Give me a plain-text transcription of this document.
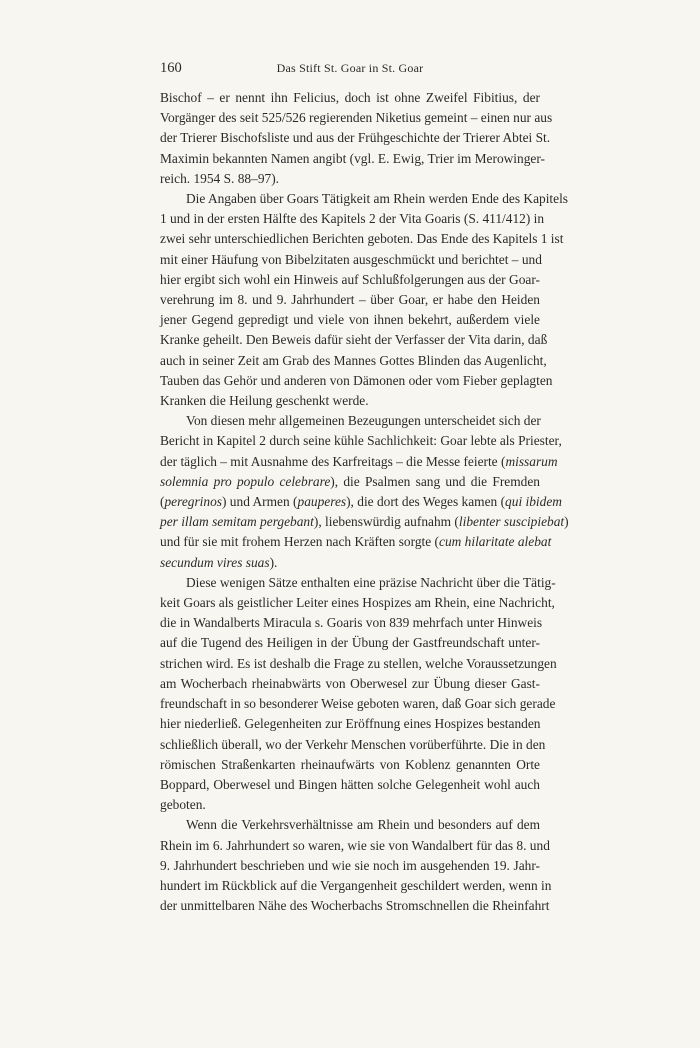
160	Das Stift St. Goar in St. Goar

Bischof – er nennt ihn Felicius, doch ist ohne Zweifel Fibitius, der
Vorgänger des seit 525/526 regierenden Niketius gemeint – einen nur aus
der Trierer Bischofsliste und aus der Frühgeschichte der Trierer Abtei St.
Maximin bekannten Namen angibt (vgl. E. Ewig, Trier im Merowinger-
reich. 1954 S. 88–97).

Die Angaben über Goars Tätigkeit am Rhein werden Ende des Kapitels
1 und in der ersten Hälfte des Kapitels 2 der Vita Goaris (S. 411/412) in
zwei sehr unterschiedlichen Berichten geboten. Das Ende des Kapitels 1 ist
mit einer Häufung von Bibelzitaten ausgeschmückt und berichtet – und
hier ergibt sich wohl ein Hinweis auf Schlußfolgerungen aus der Goar-
verehrung im 8. und 9. Jahrhundert – über Goar, er habe den Heiden
jener Gegend gepredigt und viele von ihnen bekehrt, außerdem viele
Kranke geheilt. Den Beweis dafür sieht der Verfasser der Vita darin, daß
auch in seiner Zeit am Grab des Mannes Gottes Blinden das Augenlicht,
Tauben das Gehör und anderen von Dämonen oder vom Fieber geplagten
Kranken die Heilung geschenkt werde.

Von diesen mehr allgemeinen Bezeugungen unterscheidet sich der
Bericht in Kapitel 2 durch seine kühle Sachlichkeit: Goar lebte als Priester,
der täglich – mit Ausnahme des Karfreitags – die Messe feierte (missarum
solemnia pro populo celebrare), die Psalmen sang und die Fremden
(peregrinos) und Armen (pauperes), die dort des Weges kamen (qui ibidem
per illam semitam pergebant), liebenswürdig aufnahm (libenter suscipiebat)
und für sie mit frohem Herzen nach Kräften sorgte (cum hilaritate alebat
secundum vires suas).

Diese wenigen Sätze enthalten eine präzise Nachricht über die Tätig-
keit Goars als geistlicher Leiter eines Hospizes am Rhein, eine Nachricht,
die in Wandalberts Miracula s. Goaris von 839 mehrfach unter Hinweis
auf die Tugend des Heiligen in der Übung der Gastfreundschaft unter-
strichen wird. Es ist deshalb die Frage zu stellen, welche Voraussetzungen
am Wocherbach rheinabwärts von Oberwesel zur Übung dieser Gast-
freundschaft in so besonderer Weise geboten waren, daß Goar sich gerade
hier niederließ. Gelegenheiten zur Eröffnung eines Hospizes bestanden
schließlich überall, wo der Verkehr Menschen vorüberführte. Die in den
römischen Straßenkarten rheinaufwärts von Koblenz genannten Orte
Boppard, Oberwesel und Bingen hätten solche Gelegenheit wohl auch
geboten.

Wenn die Verkehrsverhältnisse am Rhein und besonders auf dem
Rhein im 6. Jahrhundert so waren, wie sie von Wandalbert für das 8. und
9. Jahrhundert beschrieben und wie sie noch im ausgehenden 19. Jahr-
hundert im Rückblick auf die Vergangenheit geschildert werden, wenn in
der unmittelbaren Nähe des Wocherbachs Stromschnellen die Rheinfahrt
